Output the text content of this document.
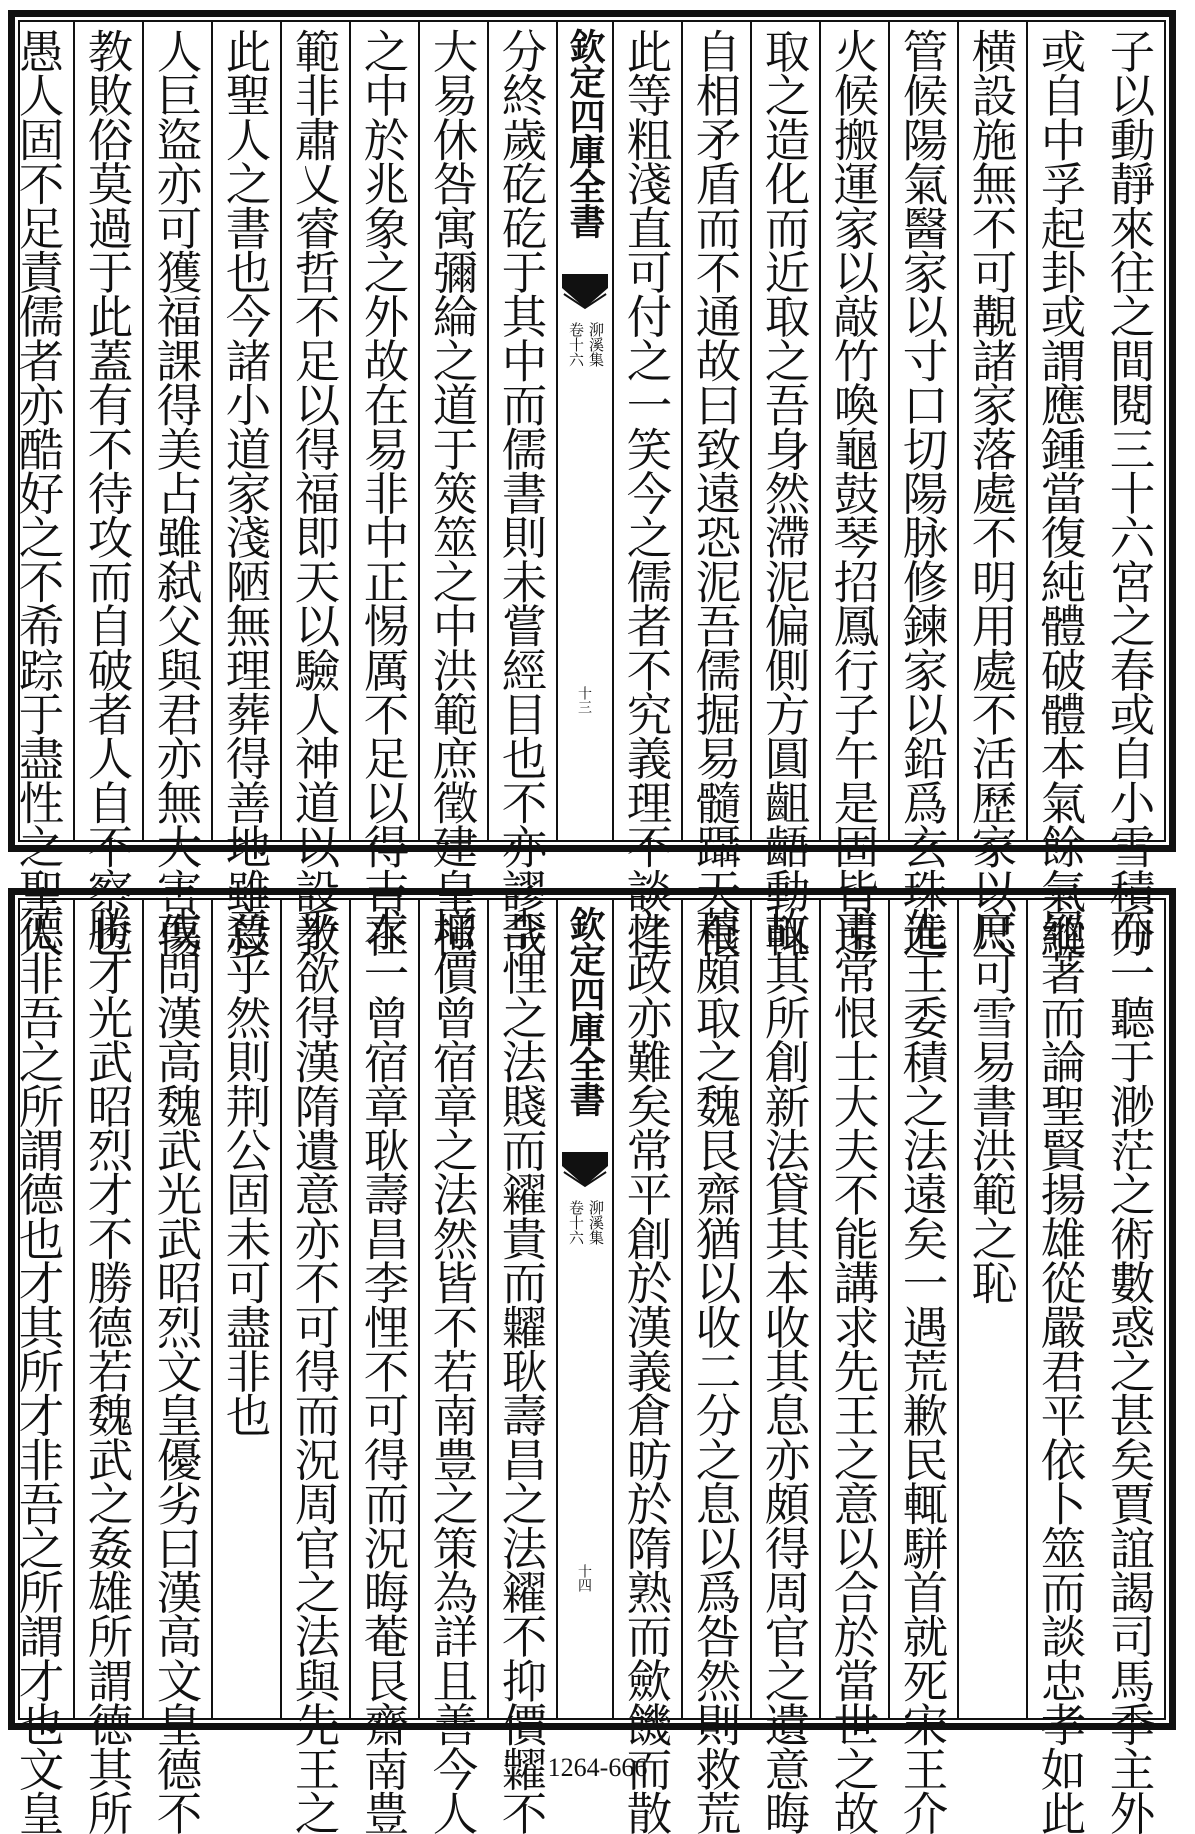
子以動靜來往之間閱三十六宮之春或自小雪積分
或自中孚起卦或謂應鍾當復純體破體本氣餘氣縱
横設施無不可覯諸家落處不明用處不活歷家以尺
管候陽氣醫家以寸口切陽脉修鍊家以鉛爲玄珠進
火候搬運家以敲竹喚龜鼓琴招鳳行子午是固皆遠
取之造化而近取之吾身然滯泥偏側方圓齟齬動輒
自相矛盾而不通故曰致遠恐泥吾儒掘易髓躡天根
此等粗淺直可付之一笑今之儒者不究義理不談性
欽定四庫全書
泖溪集
卷十六
十三
分終歲矻矻于其中而儒書則未嘗經目也不亦謬哉
大易休咎寓彌綸之道于筴筮之中洪範庶徵建皇極
之中於兆象之外故在易非中正惕厲不足以得吉在
範非肅乂睿哲不足以得福即天以驗人神道以設教
此聖人之書也今諸小道家淺陋無理葬得善地雖殺
人巨盜亦可獲福課得美占雖弑父與君亦無大害傷
教敗俗莫過于此蓋有不待攻而自破者人自不察也
愚人固不足責儒者亦酷好之不希踪于盡性之聖人
而一聽于渺茫之術數惑之甚矣賈誼謁司馬季主外
龜著而論聖賢揚雄從嚴君平依卜筮而談忠孝如此
庶可雪易書洪範之恥
先王委積之法遠矣一遇荒歉民輒駢首就死宋王介
甫常恨士大夫不能講求先王之意以合於當世之故
故其所創新法貸其本收其息亦頗得周官之遺意晦
菴頗取之魏艮齋猶以收二分之息以爲咎然則救荒
之政亦難矣常平創於漢義倉昉於隋熟而歛饑而散
欽定四庫全書
泖溪集
卷十六
十四
李悝之法賤而糴貴而糶耿壽昌之法糴不抑價糶不
增價曾宿章之法然皆不若南豊之策為詳且善今人
求一曾宿章耿壽昌李悝不可得而況晦菴艮齋南豊
乎欲得漢隋遺意亦不可得而況周官之法與先王之
意乎然則荆公固未可盡非也
或問漢高魏武光武昭烈文皇優劣曰漢高文皇德不
勝才光武昭烈才不勝德若魏武之姦雄所謂德其所
德非吾之所謂德也才其所才非吾之所謂才也文皇	1264-666
